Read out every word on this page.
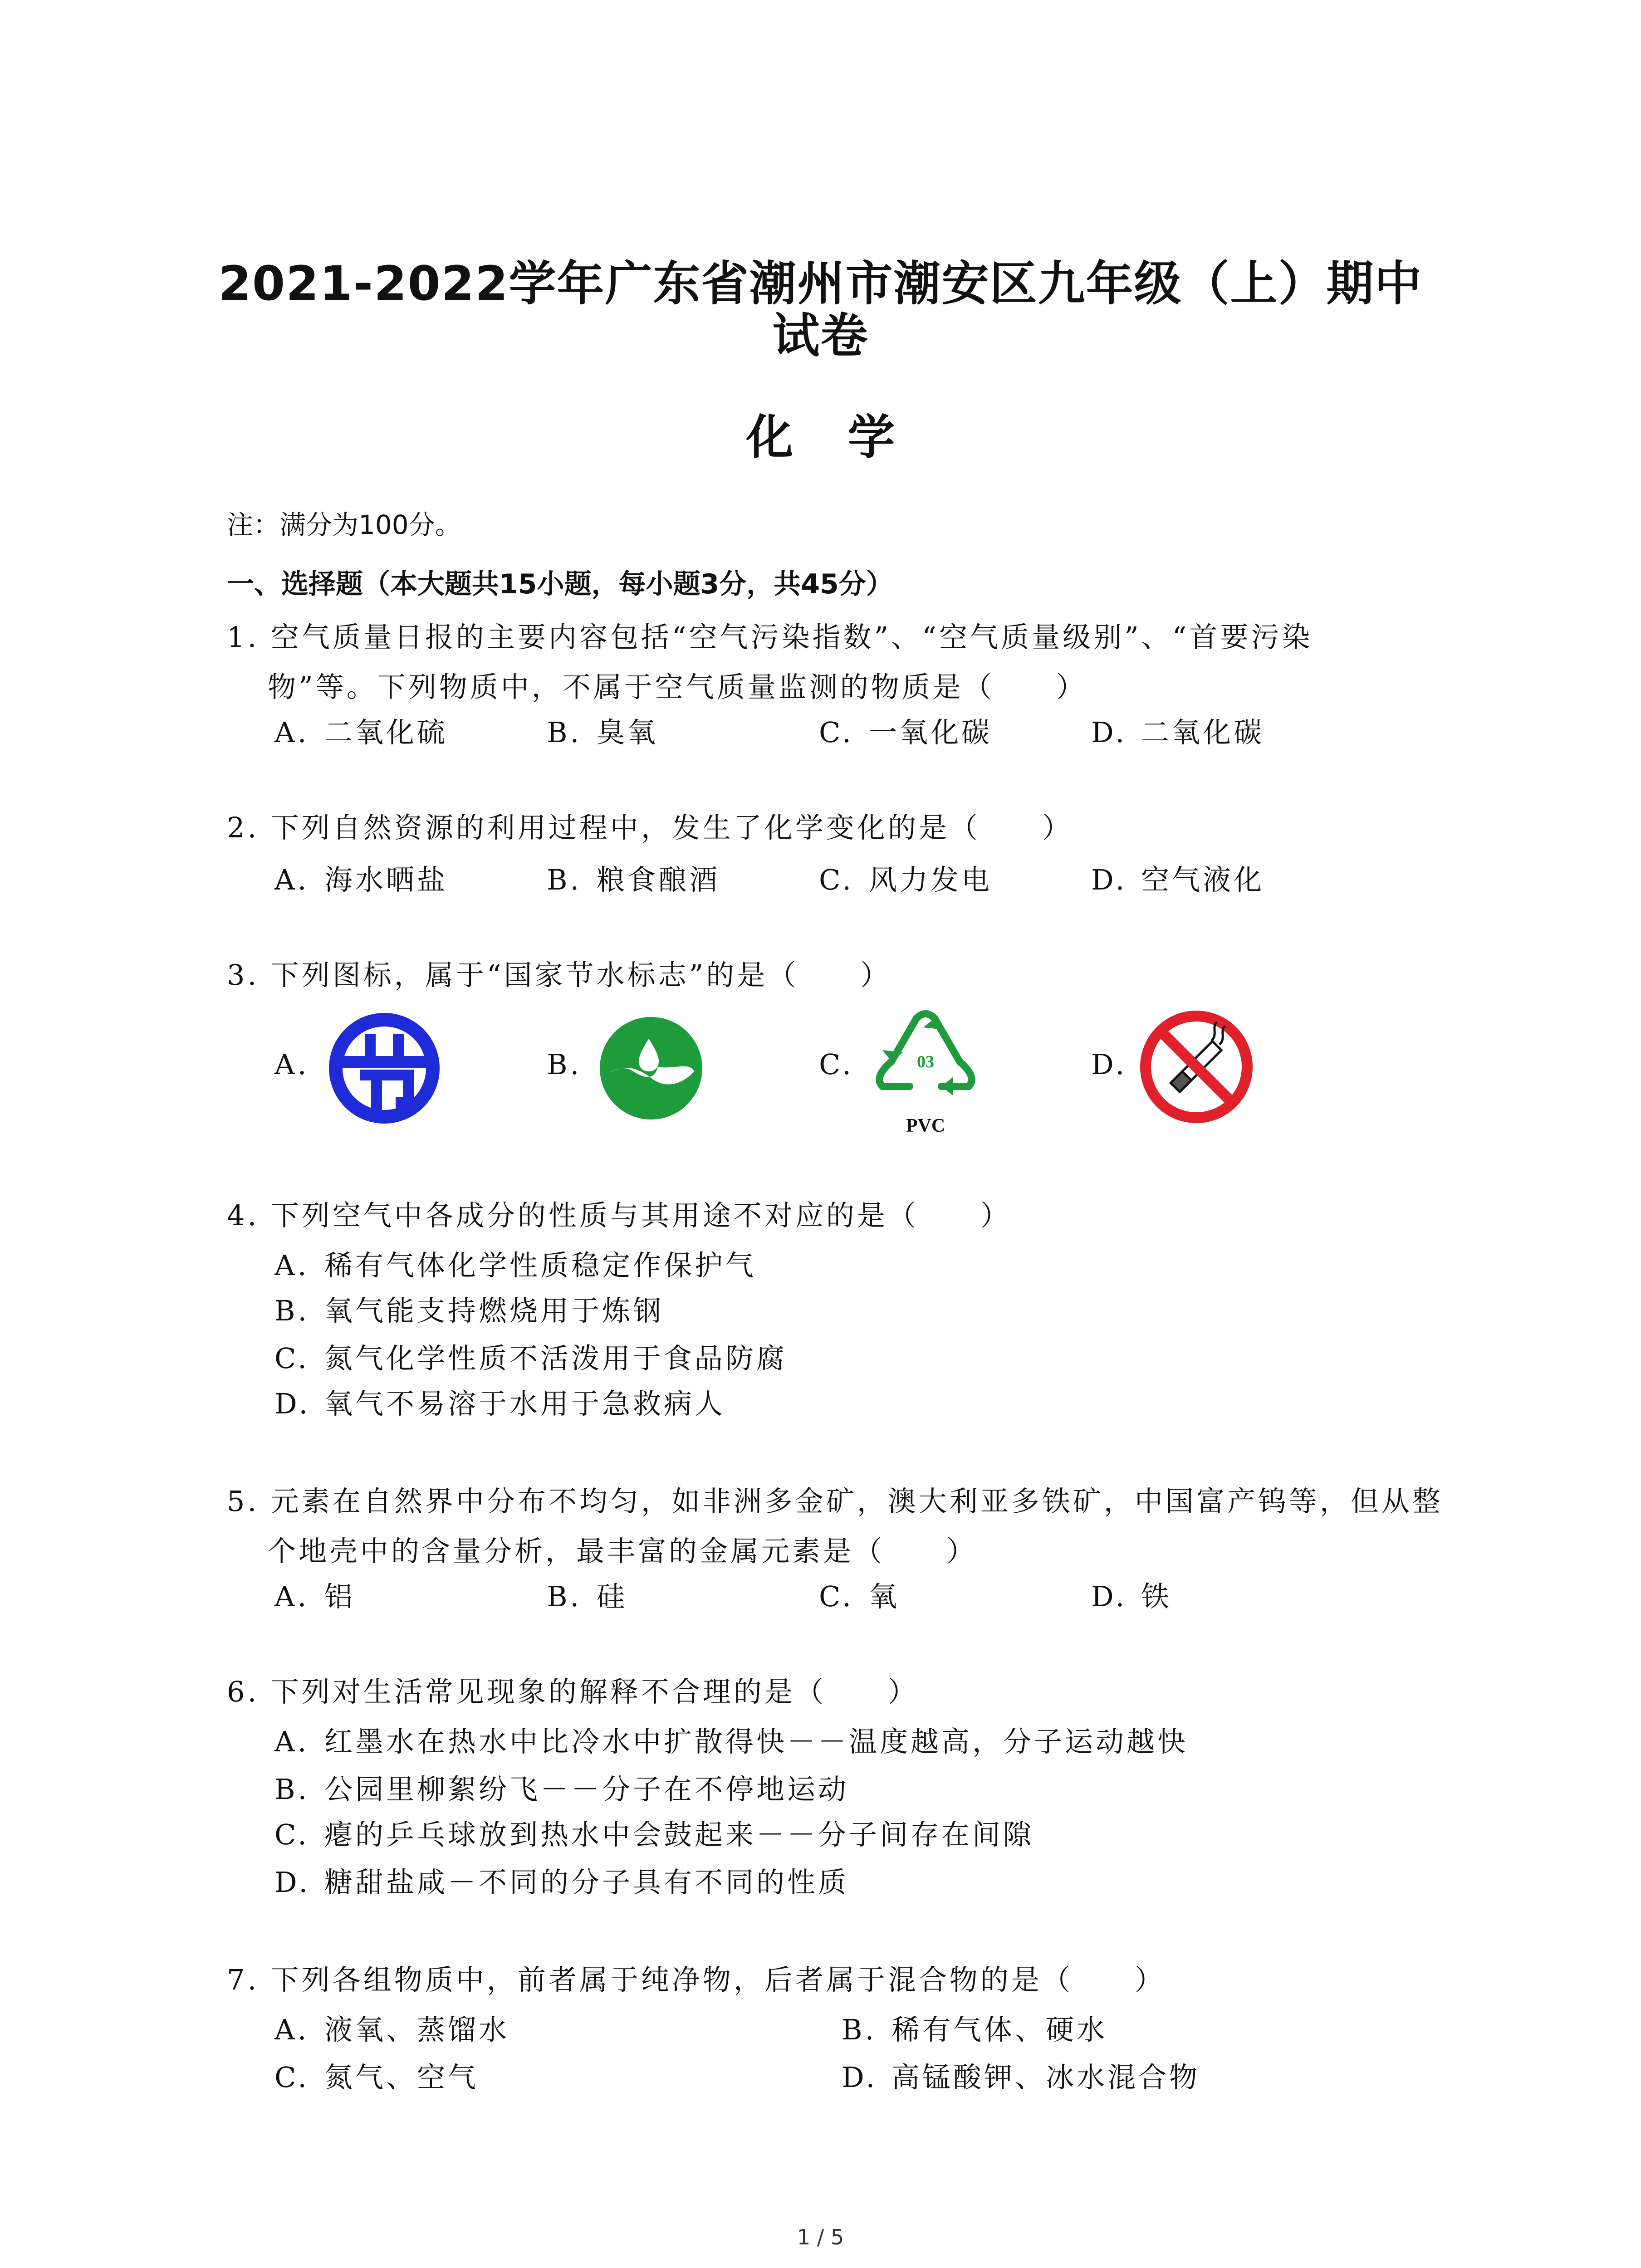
2021-2022学年广东省潮州市潮安区九年级（上）期中
试卷
化学
注：满分为100分。
一、选择题（本大题共15小题，每小题3分，共45分）
1. 空气质量日报的主要内容包括“空气污染指数”、“空气质量级别”、“首要污染
物”等。下列物质中，不属于空气质量监测的物质是（　　）
A. 二氧化硫	B. 臭氧	C. 一氧化碳	D. 二氧化碳
2. 下列自然资源的利用过程中，发生了化学变化的是（　　）
A. 海水晒盐	B. 粮食酿酒	C. 风力发电	D. 空气液化
3. 下列图标，属于“国家节水标志”的是（　　）
A.	B.	C.	D.
03
PVC
4. 下列空气中各成分的性质与其用途不对应的是（　　）
A. 稀有气体化学性质稳定作保护气
B. 氧气能支持燃烧用于炼钢
C. 氮气化学性质不活泼用于食品防腐
D. 氧气不易溶于水用于急救病人
5. 元素在自然界中分布不均匀，如非洲多金矿，澳大利亚多铁矿，中国富产钨等，但从整
个地壳中的含量分析，最丰富的金属元素是（　　）
A. 铝	B. 硅	C. 氧	D. 铁
6. 下列对生活常见现象的解释不合理的是（　　）
A. 红墨水在热水中比冷水中扩散得快－－温度越高，分子运动越快
B. 公园里柳絮纷飞－－分子在不停地运动
C. 瘪的乒乓球放到热水中会鼓起来－－分子间存在间隙
D. 糖甜盐咸－不同的分子具有不同的性质
7. 下列各组物质中，前者属于纯净物，后者属于混合物的是（　　）
A. 液氧、蒸馏水	B. 稀有气体、硬水
C. 氮气、空气	D. 高锰酸钾、冰水混合物
1 / 5
